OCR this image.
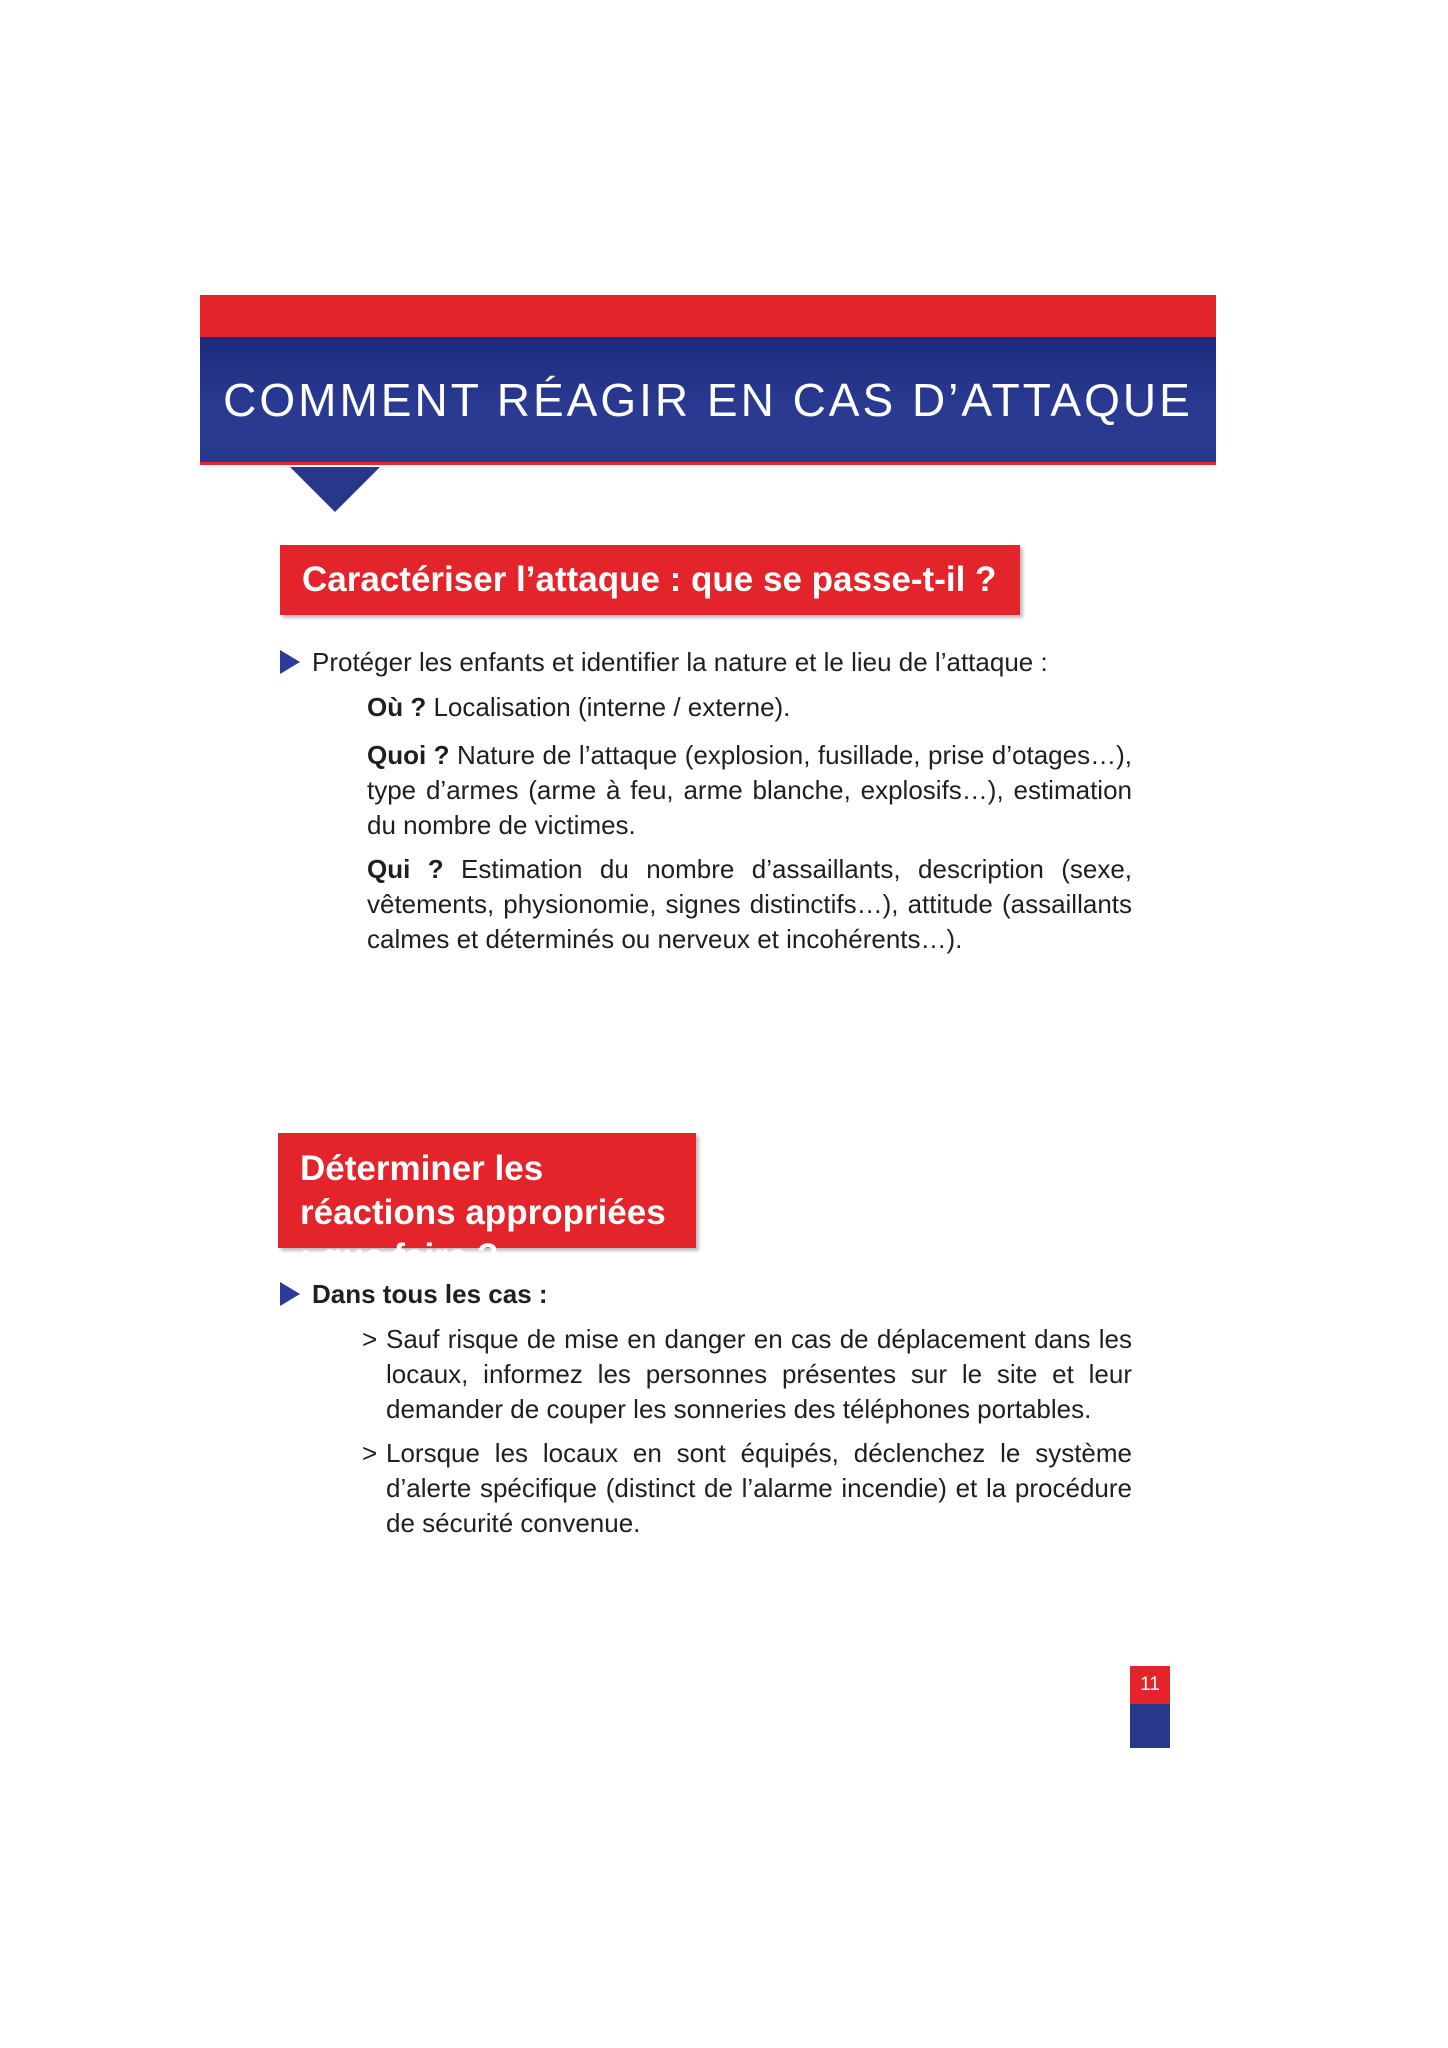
COMMENT RÉAGIR EN CAS D’ATTAQUE
Caractériser l’attaque : que se passe-t-il ?
Protéger les enfants et identifier la nature et le lieu de l’attaque :
Où ? Localisation (interne / externe).
Quoi ? Nature de l’attaque (explosion, fusillade, prise d’otages…), type d’armes (arme à feu, arme blanche, explosifs…), estimation du nombre de victimes.
Qui ? Estimation du nombre d’assaillants, description (sexe, vêtements, physionomie, signes distinctifs…), attitude (assaillants calmes et déterminés ou nerveux et incohérents…).
Déterminer les réactions appropriées : que faire ?
Dans tous les cas :
> Sauf risque de mise en danger en cas de déplacement dans les locaux, informez les personnes présentes sur le site et leur demander de couper les sonneries des téléphones portables.
> Lorsque les locaux en sont équipés, déclenchez le système d’alerte spécifique (distinct de l’alarme incendie) et la procédure de sécurité convenue.
11
